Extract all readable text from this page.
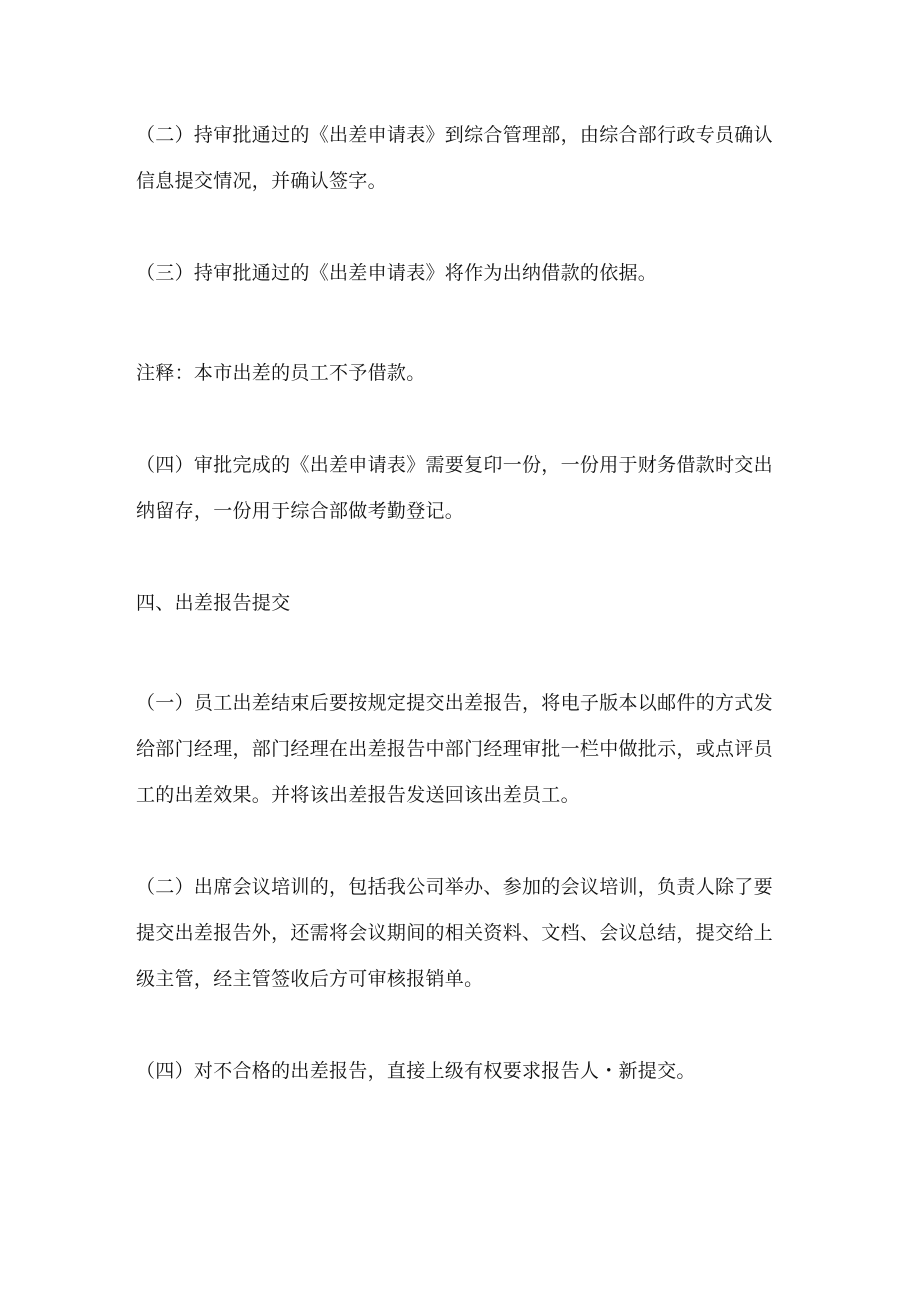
（二）持审批通过的《出差申请表》到综合管理部，由综合部行政专员确认信息提交情况，并确认签字。

（三）持审批通过的《出差申请表》将作为出纳借款的依据。

注释：本市出差的员工不予借款。

（四）审批完成的《出差申请表》需要复印一份，一份用于财务借款时交出纳留存，一份用于综合部做考勤登记。

四、出差报告提交

（一）员工出差结束后要按规定提交出差报告，将电子版本以邮件的方式发给部门经理，部门经理在出差报告中部门经理审批一栏中做批示，或点评员工的出差效果。并将该出差报告发送回该出差员工。

（二）出席会议培训的，包括我公司举办、参加的会议培训，负责人除了要提交出差报告外，还需将会议期间的相关资料、文档、会议总结，提交给上级主管，经主管签收后方可审核报销单。

（四）对不合格的出差报告，直接上级有权要求报告人・新提交。
